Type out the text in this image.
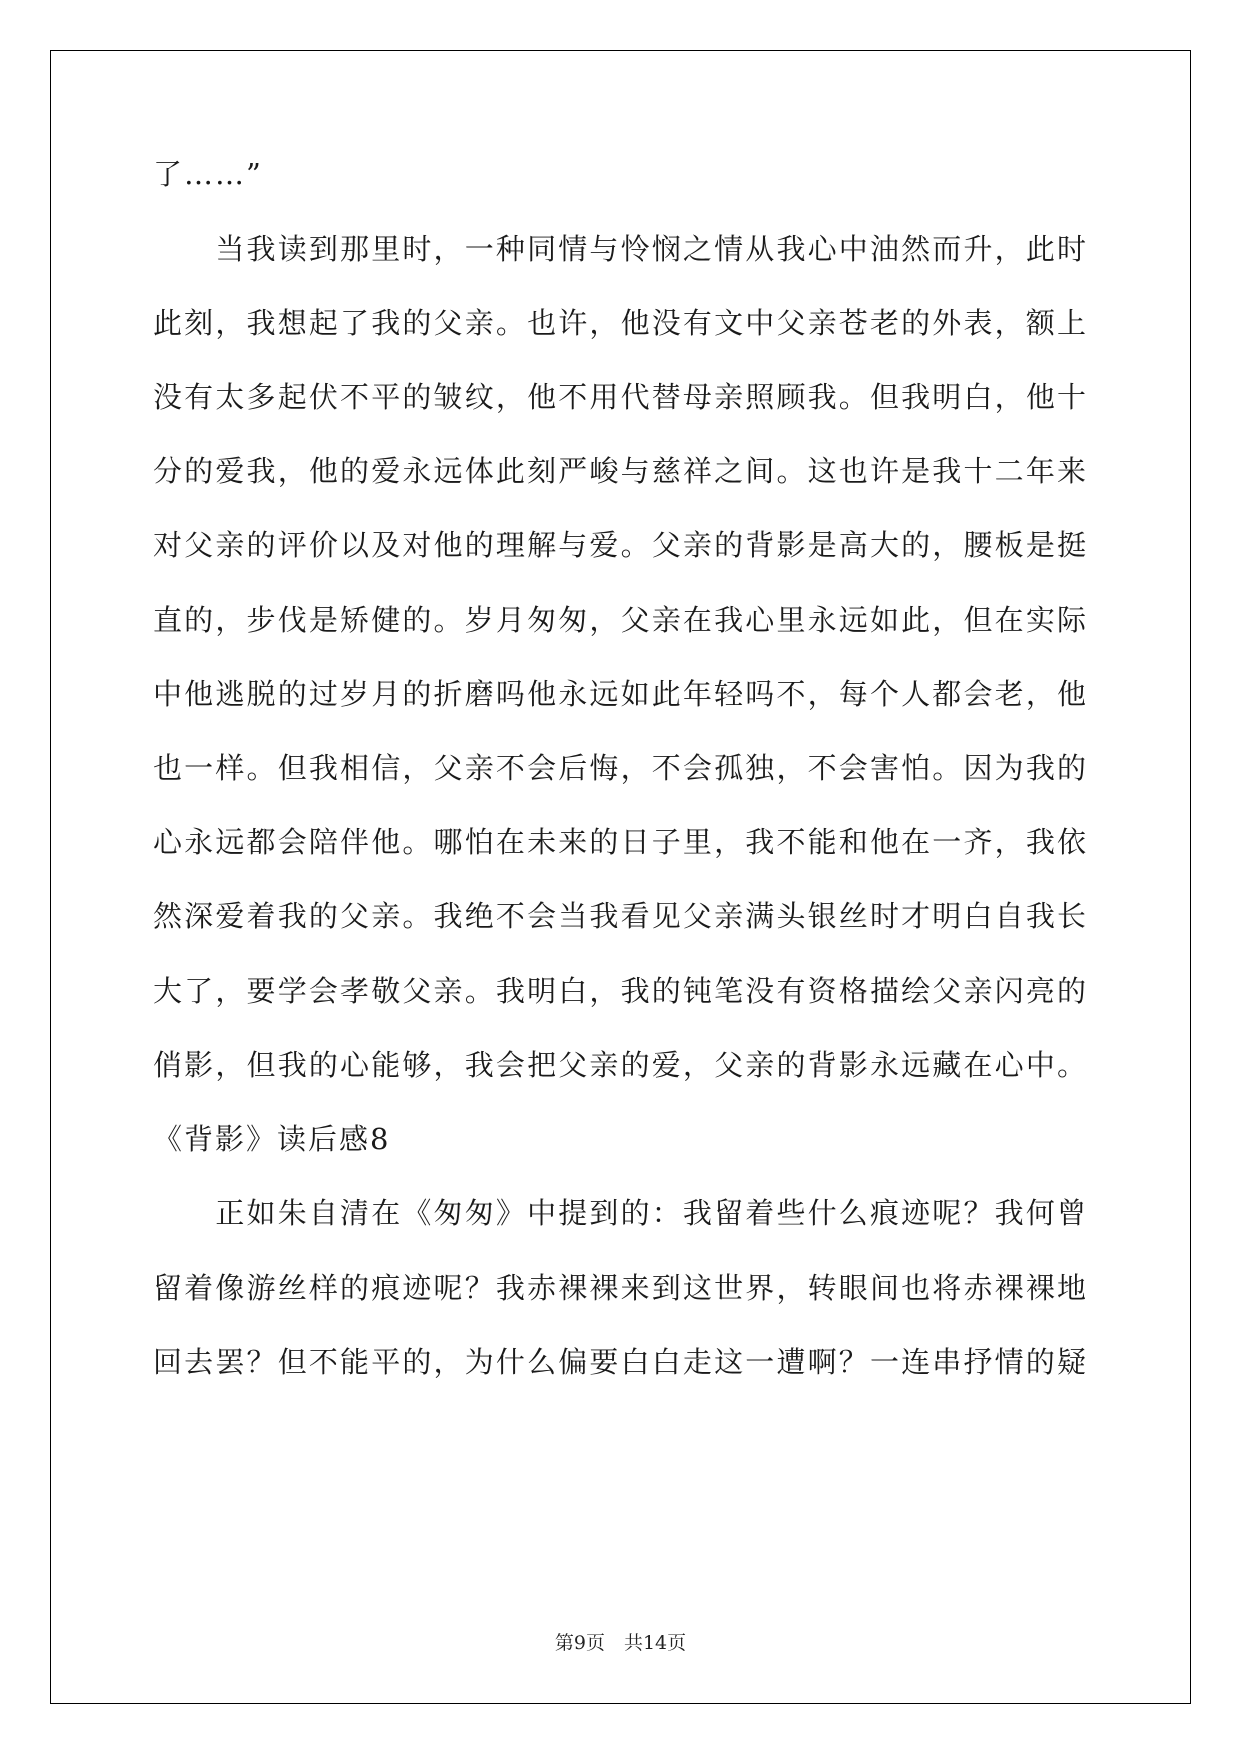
了……”
　　当我读到那里时，一种同情与怜悯之情从我心中油然而升，此时
此刻，我想起了我的父亲。也许，他没有文中父亲苍老的外表，额上
没有太多起伏不平的皱纹，他不用代替母亲照顾我。但我明白，他十
分的爱我，他的爱永远体此刻严峻与慈祥之间。这也许是我十二年来
对父亲的评价以及对他的理解与爱。父亲的背影是高大的，腰板是挺
直的，步伐是矫健的。岁月匆匆，父亲在我心里永远如此，但在实际
中他逃脱的过岁月的折磨吗他永远如此年轻吗不，每个人都会老，他
也一样。但我相信，父亲不会后悔，不会孤独，不会害怕。因为我的
心永远都会陪伴他。哪怕在未来的日子里，我不能和他在一齐，我依
然深爱着我的父亲。我绝不会当我看见父亲满头银丝时才明白自我长
大了，要学会孝敬父亲。我明白，我的钝笔没有资格描绘父亲闪亮的
俏影，但我的心能够，我会把父亲的爱，父亲的背影永远藏在心中。
《背影》读后感8
　　正如朱自清在《匆匆》中提到的：我留着些什么痕迹呢？我何曾
留着像游丝样的痕迹呢？我赤裸裸来到这世界，转眼间也将赤裸裸地
回去罢？但不能平的，为什么偏要白白走这一遭啊？一连串抒情的疑
第9页　共14页
